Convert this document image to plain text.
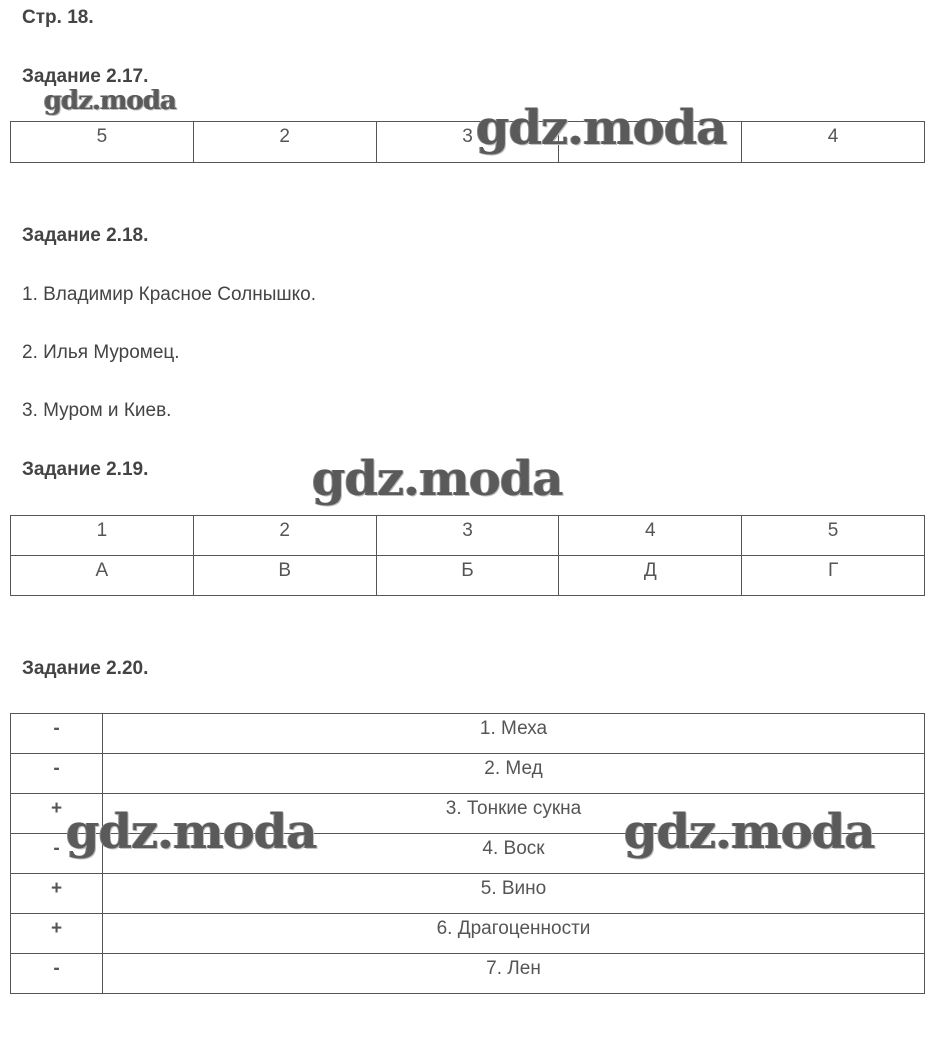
Стр. 18.
Задание 2.17.
5	2	3		4
Задание 2.18.
1. Владимир Красное Солнышко.
2. Илья Муромец.
3. Муром и Киев.
Задание 2.19.
1	2	3	4	5
А	В	Б	Д	Г
Задание 2.20.
-	1. Меха
-	2. Мед
+	3. Тонкие сукна
-	4. Воск
+	5. Вино
+	6. Драгоценности
-	7. Лен
gdz.moda	gdz.moda
gdz.moda
gdz.moda	gdz.moda
